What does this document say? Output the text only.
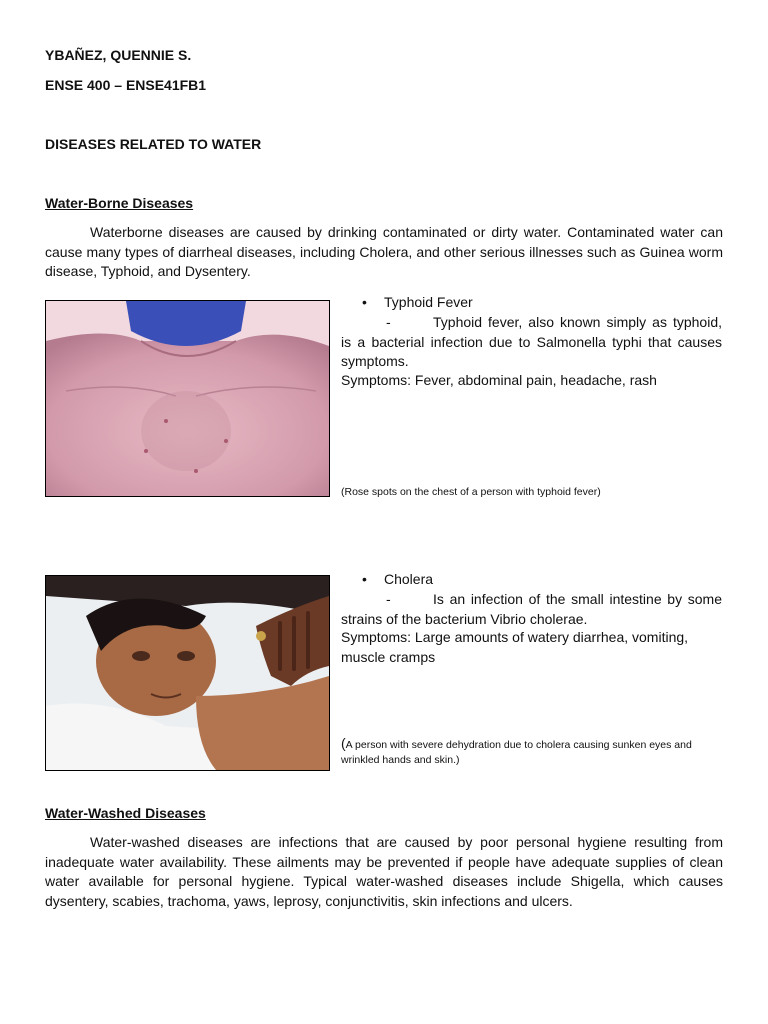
YBAÑEZ, QUENNIE S.
ENSE 400 – ENSE41FB1
DISEASES RELATED TO WATER
Water-Borne Diseases

Waterborne diseases are caused by drinking contaminated or dirty water. Contaminated water can cause many types of diarrheal diseases, including Cholera, and other serious illnesses such as Guinea worm disease, Typhoid, and Dysentery.

• Typhoid Fever
-	Typhoid fever, also known simply as typhoid, is a bacterial infection due to Salmonella typhi that causes symptoms.
Symptoms: Fever, abdominal pain, headache, rash
(Rose spots on the chest of a person with typhoid fever)
• Cholera
-	Is an infection of the small intestine by some strains of the bacterium Vibrio cholerae.
Symptoms: Large amounts of watery diarrhea, vomiting, muscle cramps
(A person with severe dehydration due to cholera causing sunken eyes and wrinkled hands and skin.)
Water-Washed Diseases

Water-washed diseases are infections that are caused by poor personal hygiene resulting from inadequate water availability. These ailments may be prevented if people have adequate supplies of clean water available for personal hygiene. Typical water-washed diseases include Shigella, which causes dysentery, scabies, trachoma, yaws, leprosy, conjunctivitis, skin infections and ulcers.
